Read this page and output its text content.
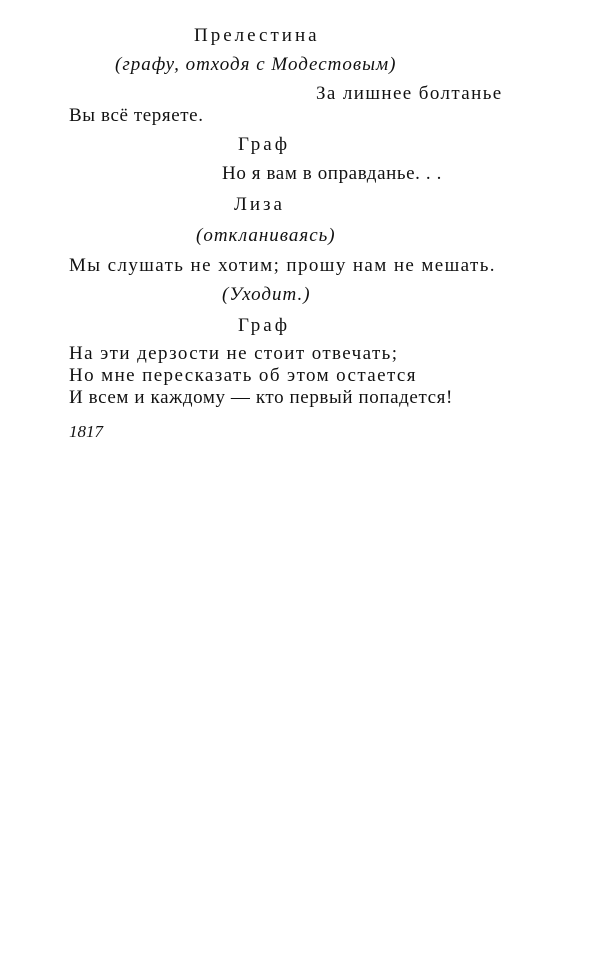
Прелестина
(графу, отходя с Модестовым)
За лишнее болтанье
Вы всё теряете.
Граф
Но я вам в оправданье. . .
Лиза
(откланиваясь)
Мы слушать не хотим; прошу нам не мешать.
(Уходит.)
Граф
На эти дерзости не стоит отвечать;
Но мне пересказать об этом остается
И всем и каждому — кто первый попадется!
1817
